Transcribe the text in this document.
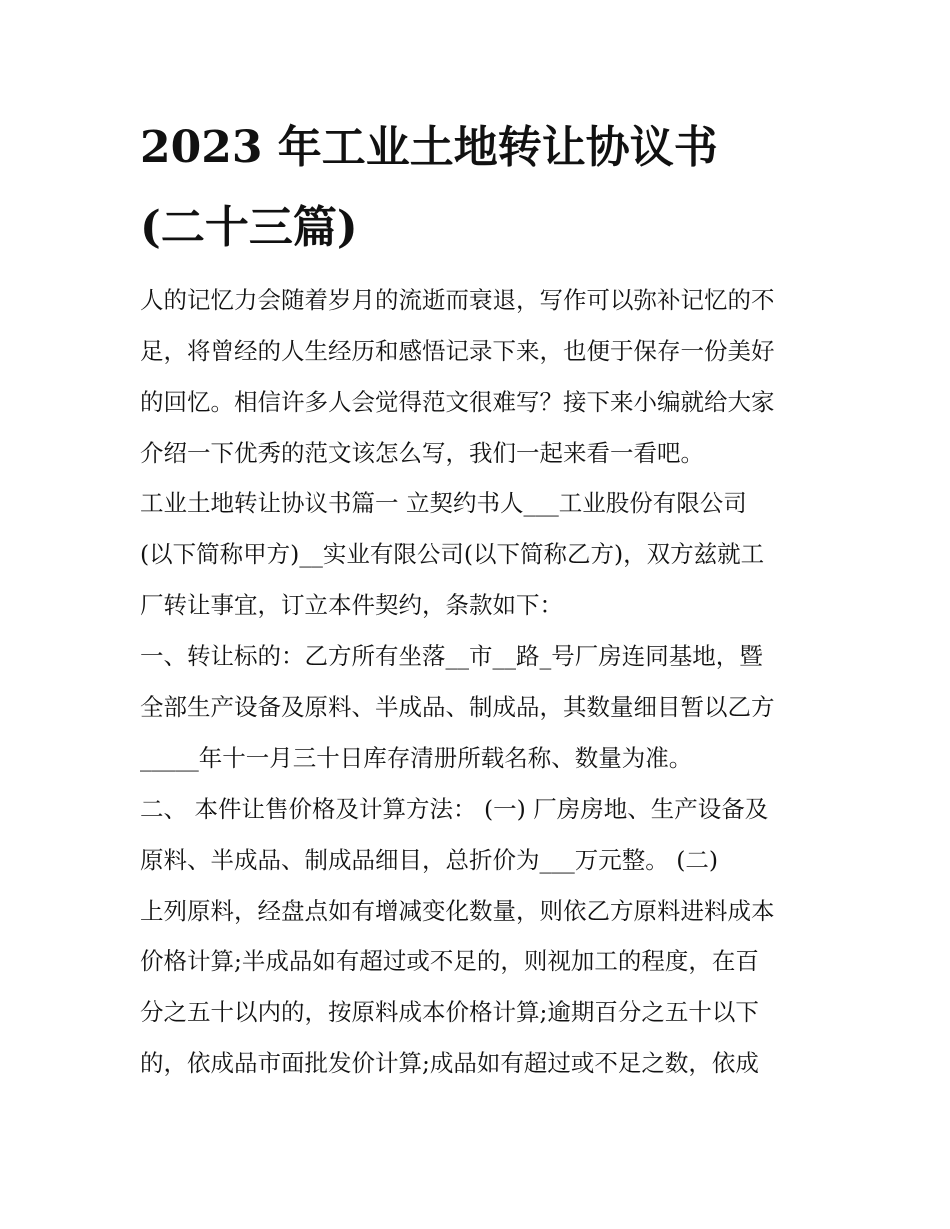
2023 年工业土地转让协议书
(二十三篇)

人的记忆力会随着岁月的流逝而衰退，写作可以弥补记忆的不

足，将曾经的人生经历和感悟记录下来，也便于保存一份美好

的回忆。相信许多人会觉得范文很难写？接下来小编就给大家

介绍一下优秀的范文该怎么写，我们一起来看一看吧。

工业土地转让协议书篇一 立契约书人___工业股份有限公司

(以下简称甲方)__实业有限公司(以下简称乙方)，双方兹就工

厂转让事宜，订立本件契约，条款如下：

一、转让标的：乙方所有坐落__市__路_号厂房连同基地，暨

全部生产设备及原料、半成品、制成品，其数量细目暂以乙方

_____年十一月三十日库存清册所载名称、数量为准。

二、 本件让售价格及计算方法： (一) 厂房房地、生产设备及

原料、半成品、制成品细目，总折价为___万元整。 (二)

上列原料，经盘点如有增减变化数量，则依乙方原料进料成本

价格计算;半成品如有超过或不足的，则视加工的程度，在百

分之五十以内的，按原料成本价格计算;逾期百分之五十以下

的，依成品市面批发价计算;成品如有超过或不足之数，依成
